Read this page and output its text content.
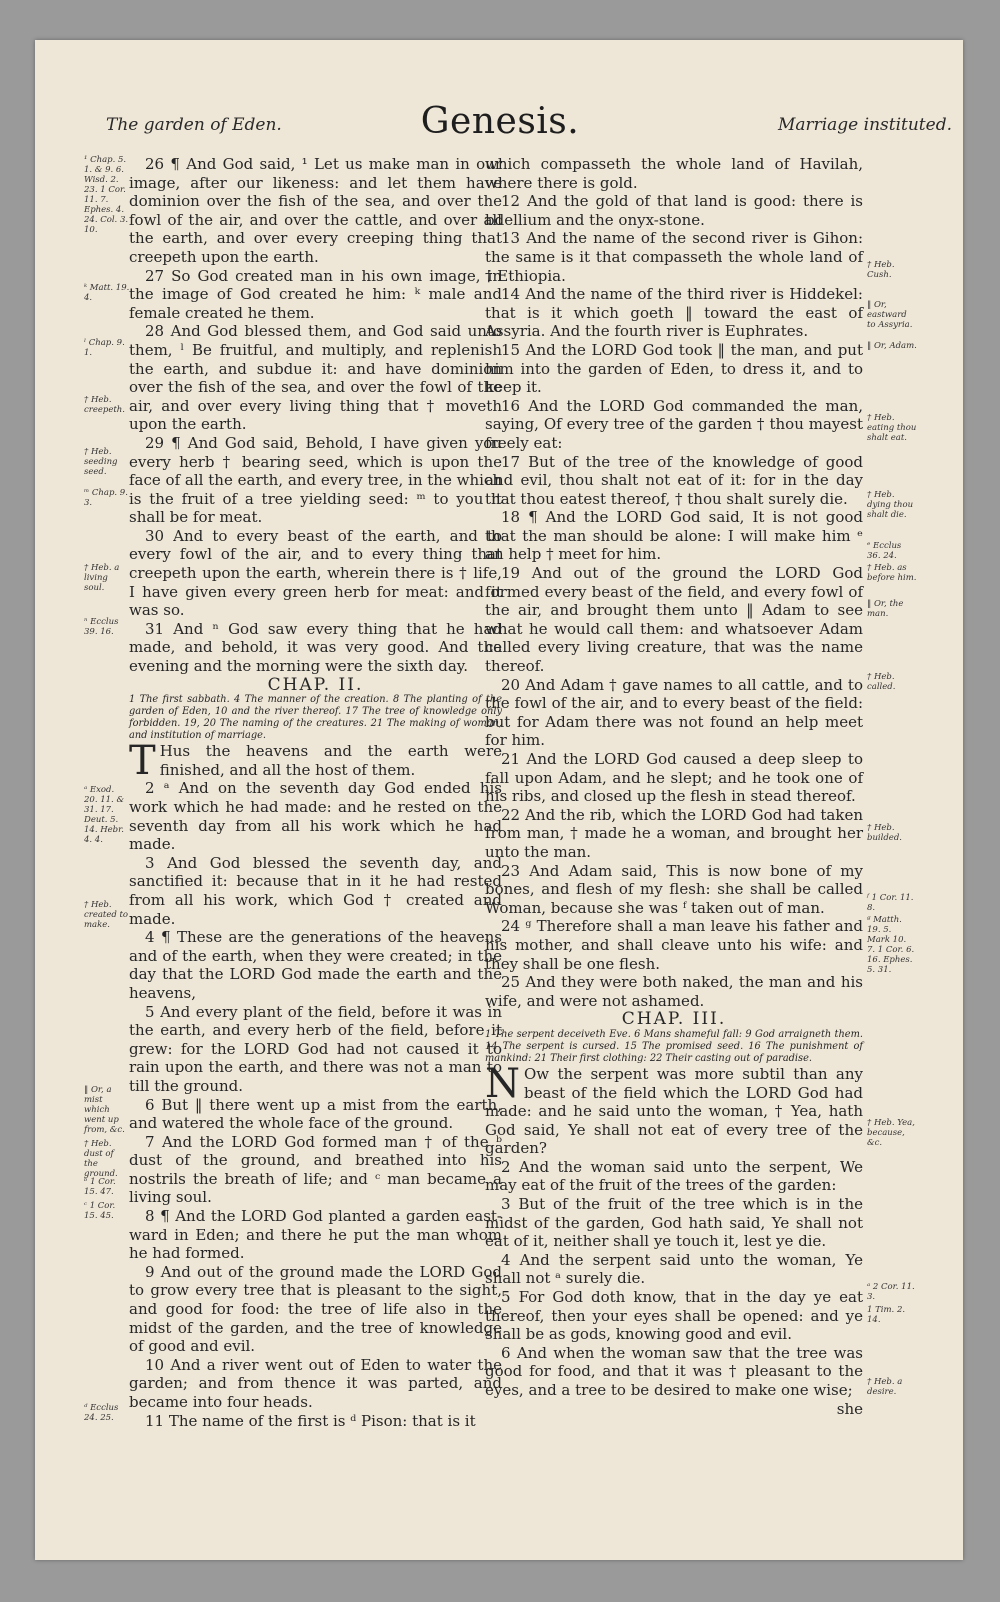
The garden of Eden.	Genesis.	Marriage instituted.
¹ Chap. 5. 1. & 9. 6. Wisd. 2. 23. 1 Cor. 11. 7. Ephes. 4. 24. Col. 3. 10.
ᵏ Matt. 19. 4.
ˡ Chap. 9. 1.
† Heb. creepeth.
† Heb. seeding seed.
ᵐ Chap. 9. 3.
† Heb. a living soul.
ⁿ Ecclus 39. 16.
ᵃ Exod. 20. 11. & 31. 17. Deut. 5. 14. Hebr. 4. 4.
† Heb. created to make.
‖ Or, a mist which went up from, &c.
† Heb. dust of the ground.
ᵇ 1 Cor. 15. 47.
ᶜ 1 Cor. 15. 45.
ᵈ Ecclus 24. 25.

26 ¶ And God said, ¹ Let us make man in our image, after our likeness: and let them have dominion over the fish of the sea, and over the fowl of the air, and over the cattle, and over all the earth, and over every creeping thing that creepeth upon the earth.

27 So God created man in his own image, in the image of God created he him: ᵏ male and female created he them.

28 And God blessed them, and God said unto them, ˡ Be fruitful, and multiply, and replenish the earth, and subdue it: and have dominion over the fish of the sea, and over the fowl of the air, and over every living thing that † moveth upon the earth.

29 ¶ And God said, Behold, I have given you every herb † bearing seed, which is upon the face of all the earth, and every tree, in the which is the fruit of a tree yielding seed: ᵐ to you it shall be for meat.

30 And to every beast of the earth, and to every fowl of the air, and to every thing that creepeth upon the earth, wherein there is † life, I have given every green herb for meat: and it was so.

31 And ⁿ God saw every thing that he had made, and behold, it was very good. And the evening and the morning were the sixth day.

CHAP. II.

1 The first sabbath. 4 The manner of the creation. 8 The planting of the garden of Eden, 10 and the river thereof. 17 The tree of knowledge only forbidden. 19, 20 The naming of the creatures. 21 The making of woman, and institution of marriage.

T Hus the heavens and the earth were finished, and all the host of them.

2 ᵃ And on the seventh day God ended his work which he had made: and he rested on the seventh day from all his work which he had made.

3 And God blessed the seventh day, and sanctified it: because that in it he had rested from all his work, which God † created and made.

4 ¶ These are the generations of the heavens and of the earth, when they were created; in the day that the LORD God made the earth and the heavens,

5 And every plant of the field, before it was in the earth, and every herb of the field, before it grew: for the LORD God had not caused it to rain upon the earth, and there was not a man to till the ground.

6 But ‖ there went up a mist from the earth, and watered the whole face of the ground.

7 And the LORD God formed man † of the ᵇ dust of the ground, and breathed into his nostrils the breath of life; and ᶜ man became a living soul.

8 ¶ And the LORD God planted a garden east-ward in Eden; and there he put the man whom he had formed.

9 And out of the ground made the LORD God to grow every tree that is pleasant to the sight, and good for food: the tree of life also in the midst of the garden, and the tree of knowledge of good and evil.

10 And a river went out of Eden to water the garden; and from thence it was parted, and became into four heads.

11 The name of the first is ᵈ Pison: that is it

which compasseth the whole land of Havilah, where there is gold.

12 And the gold of that land is good: there is bdellium and the onyx-stone.

13 And the name of the second river is Gihon: the same is it that compasseth the whole land of † Ethiopia.

14 And the name of the third river is Hiddekel: that is it which goeth ‖ toward the east of Assyria. And the fourth river is Euphrates.

15 And the LORD God took ‖ the man, and put him into the garden of Eden, to dress it, and to keep it.

16 And the LORD God commanded the man, saying, Of every tree of the garden † thou mayest freely eat:

17 But of the tree of the knowledge of good and evil, thou shalt not eat of it: for in the day that thou eatest thereof, † thou shalt surely die.

18 ¶ And the LORD God said, It is not good that the man should be alone: I will make him ᵉ an help † meet for him.

19 And out of the ground the LORD God formed every beast of the field, and every fowl of the air, and brought them unto ‖ Adam to see what he would call them: and whatsoever Adam called every living creature, that was the name thereof.

20 And Adam † gave names to all cattle, and to the fowl of the air, and to every beast of the field: but for Adam there was not found an help meet for him.

21 And the LORD God caused a deep sleep to fall upon Adam, and he slept; and he took one of his ribs, and closed up the flesh in stead thereof.

22 And the rib, which the LORD God had taken from man, † made he a woman, and brought her unto the man.

23 And Adam said, This is now bone of my bones, and flesh of my flesh: she shall be called Woman, because she was ᶠ taken out of man.

24 ᵍ Therefore shall a man leave his father and his mother, and shall cleave unto his wife: and they shall be one flesh.

25 And they were both naked, the man and his wife, and were not ashamed.

CHAP. III.

1 The serpent deceiveth Eve. 6 Mans shameful fall: 9 God arraigneth them. 14 The serpent is cursed. 15 The promised seed. 16 The punishment of mankind: 21 Their first clothing: 22 Their casting out of paradise.

N Ow the serpent was more subtil than any beast of the field which the LORD God had made: and he said unto the woman, † Yea, hath God said, Ye shall not eat of every tree of the garden?

2 And the woman said unto the serpent, We may eat of the fruit of the trees of the garden:

3 But of the fruit of the tree which is in the midst of the garden, God hath said, Ye shall not eat of it, neither shall ye touch it, lest ye die.

4 And the serpent said unto the woman, Ye shall not ᵃ surely die.

5 For God doth know, that in the day ye eat thereof, then your eyes shall be opened: and ye shall be as gods, knowing good and evil.

6 And when the woman saw that the tree was good for food, and that it was † pleasant to the eyes, and a tree to be desired to make one wise;

she

† Heb. Cush.
‖ Or, eastward to Assyria.
‖ Or, Adam.
† Heb. eating thou shalt eat.
† Heb. dying thou shalt die.
ᵉ Ecclus 36. 24.
† Heb. as before him.
‖ Or, the man.
† Heb. called.
† Heb. builded.
ᶠ 1 Cor. 11. 8.
ᵍ Matth. 19. 5. Mark 10. 7. 1 Cor. 6. 16. Ephes. 5. 31.
† Heb. Yea, because, &c.
ᵃ 2 Cor. 11. 3.
1 Tim. 2. 14.
† Heb. a desire.
